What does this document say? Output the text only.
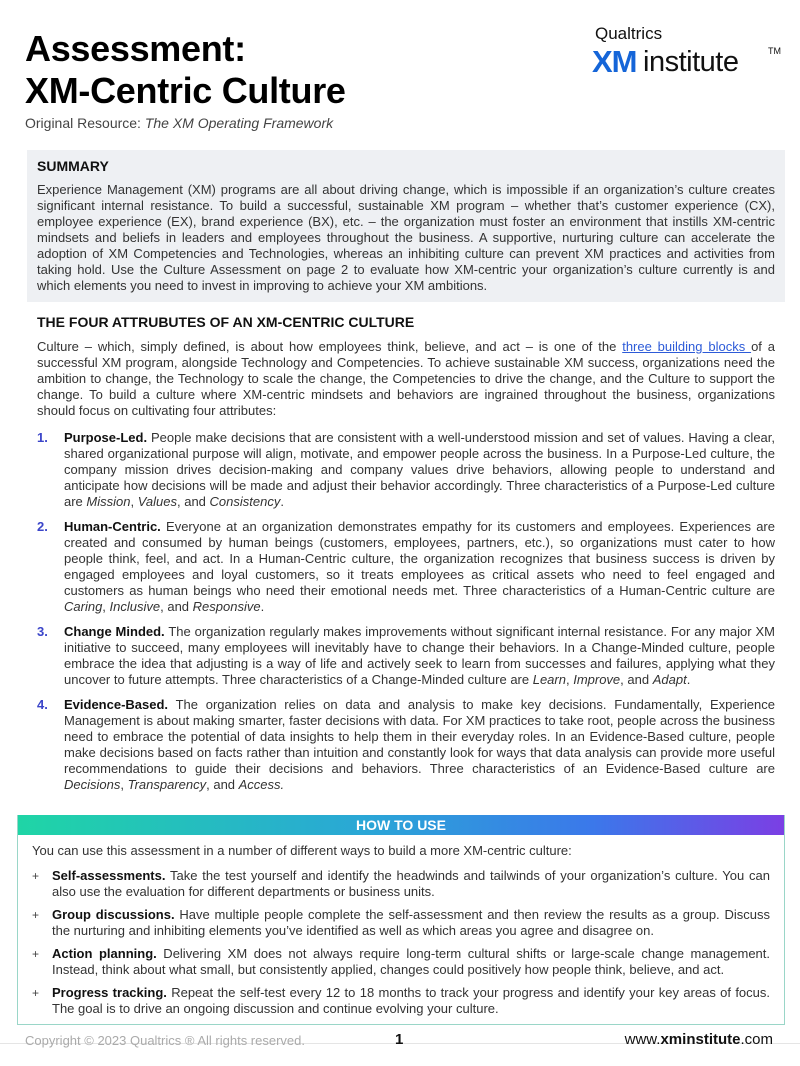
Assessment:
XM-Centric Culture
Original Resource: The XM Operating Framework
Qualtrics
XM institute	TM
SUMMARY

Experience Management (XM) programs are all about driving change, which is impossible if an organization’s culture creates significant internal resistance. To build a successful, sustainable XM program – whether that’s customer experience (CX), employee experience (EX), brand experience (BX), etc. – the organization must foster an environment that instills XM-centric mindsets and beliefs in leaders and employees throughout the business. A supportive, nurturing culture can accelerate the adoption of XM Competencies and Technologies, whereas an inhibiting culture can prevent XM practices and activities from taking hold. Use the Culture Assessment on page 2 to evaluate how XM-centric your organization’s culture currently is and which elements you need to invest in improving to achieve your XM ambitions.

THE FOUR ATTRUBUTES OF AN XM-CENTRIC CULTURE

Culture – which, simply defined, is about how employees think, believe, and act – is one of the three building blocks of a successful XM program, alongside Technology and Competencies. To achieve sustainable XM success, organizations need the ambition to change, the Technology to scale the change, the Competencies to drive the change, and the Culture to support the change. To build a culture where XM-centric mindsets and behaviors are ingrained throughout the business, organizations should focus on cultivating four attributes:

1. Purpose-Led. People make decisions that are consistent with a well-understood mission and set of values. Having a clear, shared organizational purpose will align, motivate, and empower people across the business. In a Purpose-Led culture, the company mission drives decision-making and company values drive behaviors, allowing people to understand and anticipate how decisions will be made and adjust their behavior accordingly. Three characteristics of a Purpose-Led culture are Mission, Values, and Consistency.
2. Human-Centric. Everyone at an organization demonstrates empathy for its customers and employees. Experiences are created and consumed by human beings (customers, employees, partners, etc.), so organizations must cater to how people think, feel, and act. In a Human-Centric culture, the organization recognizes that business success is driven by engaged employees and loyal customers, so it treats employees as critical assets who need to feel engaged and customers as human beings who need their emotional needs met. Three characteristics of a Human-Centric culture are Caring, Inclusive, and Responsive.
3. Change Minded. The organization regularly makes improvements without significant internal resistance. For any major XM initiative to succeed, many employees will inevitably have to change their behaviors. In a Change-Minded culture, people embrace the idea that adjusting is a way of life and actively seek to learn from successes and failures, applying what they uncover to future attempts. Three characteristics of a Change-Minded culture are Learn, Improve, and Adapt.
4. Evidence-Based. The organization relies on data and analysis to make key decisions. Fundamentally, Experience Management is about making smarter, faster decisions with data. For XM practices to take root, people across the business need to embrace the potential of data insights to help them in their everyday roles. In an Evidence-Based culture, people make decisions based on facts rather than intuition and constantly look for ways that data analysis can provide more useful recommendations to guide their decisions and behaviors. Three characteristics of an Evidence-Based culture are Decisions, Transparency, and Access.
HOW TO USE

You can use this assessment in a number of different ways to build a more XM-centric culture:

+ Self-assessments. Take the test yourself and identify the headwinds and tailwinds of your organization’s culture. You can also use the evaluation for different departments or business units.
+ Group discussions. Have multiple people complete the self-assessment and then review the results as a group. Discuss the nurturing and inhibiting elements you’ve identified as well as which areas you agree and disagree on.
+ Action planning. Delivering XM does not always require long-term cultural shifts or large-scale change management. Instead, think about what small, but consistently applied, changes could positively how people think, believe, and act.
+ Progress tracking. Repeat the self-test every 12 to 18 months to track your progress and identify your key areas of focus. The goal is to drive an ongoing discussion and continue evolving your culture.
Copyright © 2023 Qualtrics ® All rights reserved.	1	www.xminstitute.com
